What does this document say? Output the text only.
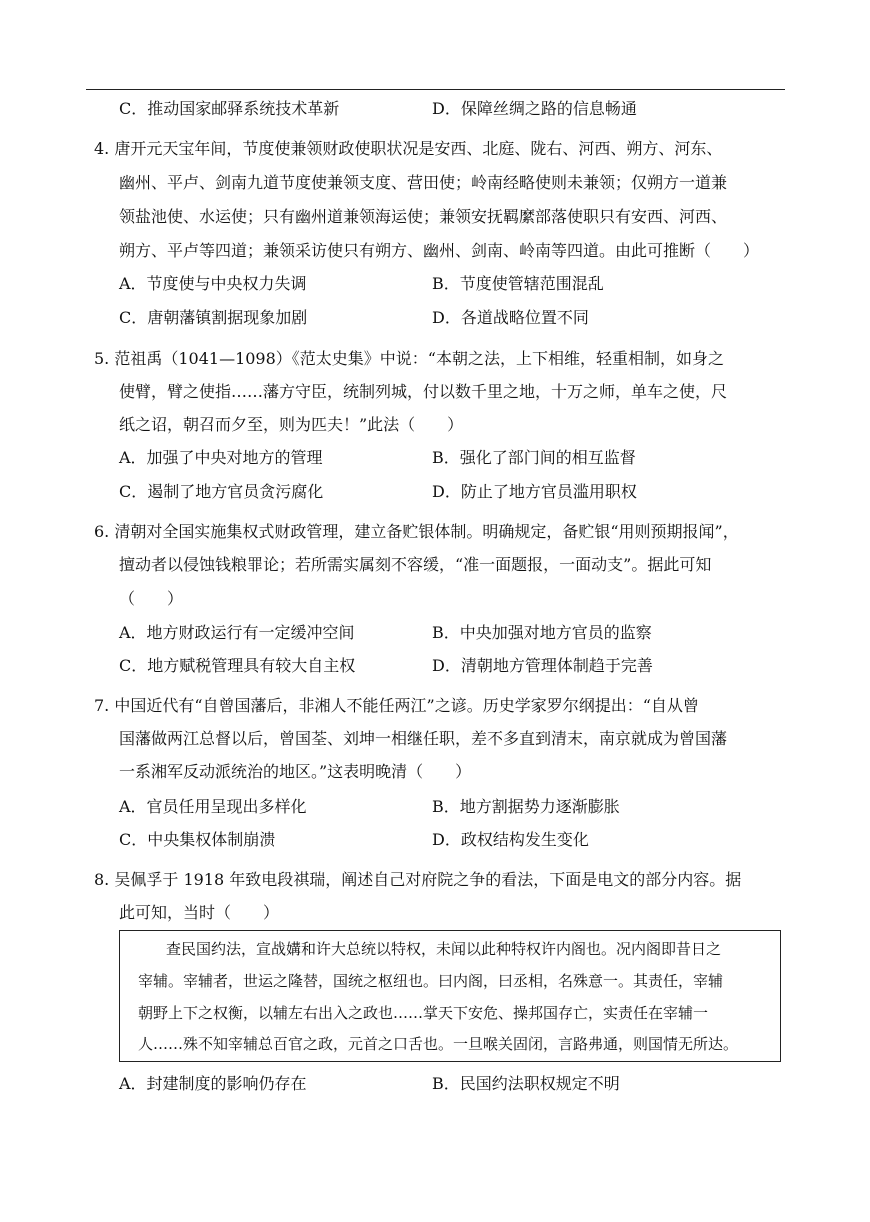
C．推动国家邮驿系统技术革新	D．保障丝绸之路的信息畅通
4. 唐开元天宝年间，节度使兼领财政使职状况是安西、北庭、陇右、河西、朔方、河东、
幽州、平卢、剑南九道节度使兼领支度、营田使；岭南经略使则未兼领；仅朔方一道兼
领盐池使、水运使；只有幽州道兼领海运使；兼领安抚羁縻部落使职只有安西、河西、
朔方、平卢等四道；兼领采访使只有朔方、幽州、剑南、岭南等四道。由此可推断（　　）
A．节度使与中央权力失调	B．节度使管辖范围混乱
C．唐朝藩镇割据现象加剧	D．各道战略位置不同
5. 范祖禹（1041—1098）《范太史集》中说：“本朝之法，上下相维，轻重相制，如身之
使臂，臂之使指……藩方守臣，统制列城，付以数千里之地，十万之师，单车之使，尺
纸之诏，朝召而夕至，则为匹夫！”此法（　　）
A．加强了中央对地方的管理	B．强化了部门间的相互监督
C．遏制了地方官员贪污腐化	D．防止了地方官员滥用职权
6. 清朝对全国实施集权式财政管理，建立备贮银体制。明确规定，备贮银“用则预期报闻”，
擅动者以侵蚀钱粮罪论；若所需实属刻不容缓，“准一面题报，一面动支”。据此可知
（　　）
A．地方财政运行有一定缓冲空间	B．中央加强对地方官员的监察
C．地方赋税管理具有较大自主权	D．清朝地方管理体制趋于完善
7. 中国近代有“自曾国藩后，非湘人不能任两江”之谚。历史学家罗尔纲提出：“自从曾
国藩做两江总督以后，曾国荃、刘坤一相继任职，差不多直到清末，南京就成为曾国藩
一系湘军反动派统治的地区。”这表明晚清（　　）
A．官员任用呈现出多样化	B．地方割据势力逐渐膨胀
C．中央集权体制崩溃	D．政权结构发生变化
8. 吴佩孚于 1918 年致电段祺瑞，阐述自己对府院之争的看法，下面是电文的部分内容。据
此可知，当时（　　）
查民国约法，宣战媾和许大总统以特权，未闻以此种特权许内阁也。况内阁即昔日之
宰辅。宰辅者，世运之隆替，国统之枢纽也。曰内阁，曰丞相，名殊意一。其责任，宰辅
朝野上下之权衡，以辅左右出入之政也……掌天下安危、操邦国存亡，实责任在宰辅一
人……殊不知宰辅总百官之政，元首之口舌也。一旦喉关固闭，言路弗通，则国情无所达。
A．封建制度的影响仍存在	B．民国约法职权规定不明
